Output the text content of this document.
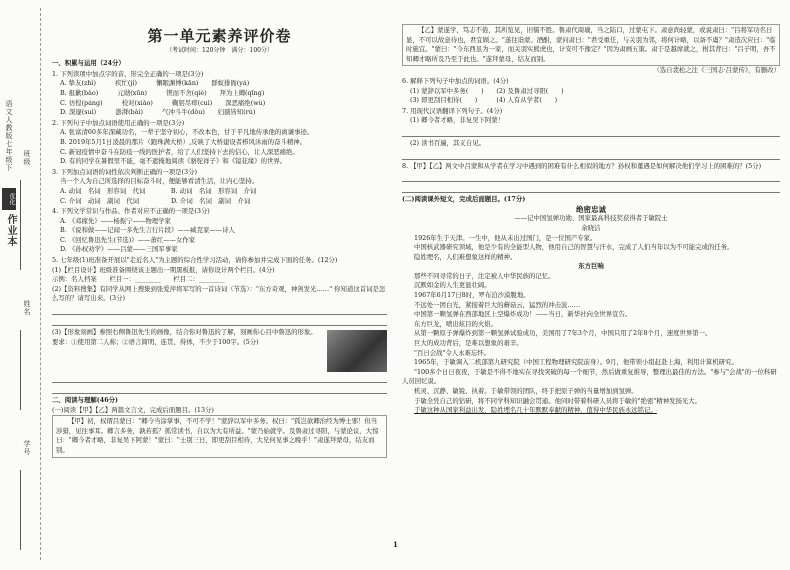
优化
作业本
语文人教版七年级下 班级
姓名
学号
第一单元素养评价卷
（考试时间：120分钟　满分：100分）
一、积累与运用（24分）
1. 下列读项中加点字的音、形完全正确的一项是(3分)
A. 挚友(zhì)　　　疾忙(jí)　　　懈眠渊博(kān)　　群蚁排衙(yá)
B. 报歉(bào)　　　元勋(xūn)　　　锲而不舍(qiè)　　拜为上卿(qīng)
C. 彷徨(páng)　　　校对(xiào)　　　鞠躬尽瘁(cuì)　　深恶痛绝(wù)
D. 深邃(suì)　　　澎湃(bài)　　　气冲斗牛(dǒu)　　妇孺皆知(rú)
2. 下列句子中加点词语使用正确的一项是(3分)
A. 张富清60多年深藏功名，一辈子坚守初心，不改本色，甘于平凡地传承他的离谦事迹。
B. 2019年5月1日凌晨的那片（跑珠满大桥）,反映了大桥建设者栉风沐雨的奋斗精神。
C. 新冠疫情中奋斗在防疫一线的医护者，给了人们坚持下去的信心，让人深恶痛绝。
D. 有的同学在暑假里不能，毫不遮掩地阅读《骆驼祥子》和《镜花缘》的世界。
3. 下列加点词语的词性依次判断正确的一项是(3分)
当一个人为自己所选择的目标奋斗时，便能够看清生活，让内心坚持。
A. 动词　名词　形容词　代词　　　　B. 动词　名词　形容词　介词
C. 介词　动词　副词　代词　　　　　D. 介词　名词　副词　介词
4. 下列文学常识与作品、作者对应不正确的一项是(3分)
A. 《邓稼先》——杨振宁——物理学家
B. 《说和做——记闻一多先生言行片段》——臧克家——诗人
C. 《回忆鲁迅先生(节选)》——萧红——女作家
D. 《孙权劝学》——吕蒙——三国军事家
5. 七年级(1)班准备开展以"走近名人"为主题的综合性学习活动，请你参加并完成下面的任务。(12分)
(1)【栏目设计】班级准备围绕该主题出一期黑板报，请你设计两个栏目。(4分)
示例：名人档案　　栏目一：________　　栏目二：________
(2)【资料搜集】有同学从网上搜集到张爱萍将军写的一首诗词（节选）："东方奇观，神剑发光……" 你知道这首词是怎么写的？请写出来。(3分)
(3)【形象刻画】参照右侧鲁迅先生的画像，结合你对鲁迅的了解，刻画你心目中鲁迅的形象。要求：①使用第二人称；②语言简明、连贯、得体，不少于100字。(5分)
二、阅读与理解(46分)
(一)阅读【甲】【乙】两篇文言文，完成后面题目。(13分)
【甲】初，权谓吕蒙曰："卿今当涂掌事，不可不学！"蒙辞以军中多务。权曰："孤岂欲卿治经为博士邪！但当涉猎，见往事耳。卿言多务，孰若孤？孤常读书，自以为大有所益。"蒙乃始就学。及鲁肃过寻阳，与蒙论议，大惊曰："卿今者才略，非复吴下阿蒙！"蒙曰："士别三日，即更刮目相待，大兄何见事之晚乎！"肃遂拜蒙母，结友而别。
【乙】蒙遂学，笃志不倦，其所览见，旧儒不胜。鲁肃代周瑜，当之陆口，过蒙屯下。肃意尚轻蒙，或说肃曰："吕将军功名日显，不可以故意待也，君宜顾之。"遂往诣蒙。酒酣，蒙问肃曰："君受重任，与关羽为邻，将何计略，以备不虞？"肃造次应曰："临时施宜。"蒙曰："今东西虽为一家，而关羽实熊虎也，计安可不豫定？"因为肃画五策。肃于是越席就之，拊其背曰："吕子明，吾不知卿才略所及乃至于此也。"遂拜蒙母，结友而别。
（选自裴松之注《三国志·吕蒙传》，有删改）
6. 解释下列句子中加点的词语。(4分)
(1) 蒙辞以军中多务(　　)　　(2) 及鲁肃过寻阳(　　)
(3) 即更刮目相待(　　)　　　(4) 人有从学者(　　)
7. 用现代汉语翻译下列句子。(4分)
(1) 卿今者才略，非复吴下阿蒙！
(2) 读书百遍，其义自见。
8. 【甲】【乙】两文中吕蒙和从学者在学习中遇到的困难有什么相似的地方？孙权和董遇是如何解决他们学习上的困难的？(5分)
(二)阅读课外短文，完成后面题目。(17分)
绝密忠诚
——记中国氢弹功勋、国家最高科技奖获得者于敏院士
余晓洁
1926年生于天津。一生中，他从未出过国门，是一位国产专家。
中国核武器研究领域，他是少有的全能型人物，他用自己的智慧与汗水，完成了人们当年以为不可能完成的任务。
隐姓埋名，人们难想象这样的精神。
东方巨响
那些不同寻常的日子，注定被人中华民族的记忆。
沉默如金的人生更显壮阔。
1967年6月17日8时，罗布泊沙漠腹地。
不远处一团白光，紧接着巨大的蘑菇云，猛烈的冲击波……
中国第一颗氢弹在西部地区上空爆炸成功！——当日，新华社向全世界宣告。
东方巨龙，喷出炫目的火焰。
从第一颗原子弹爆炸到第一颗氢弹试验成功，美国用了7年3个月，中国只用了2年8个月，速度世界第一。
巨大的成功背后，是难以想象的艰辛。
"百日会战"令人永难忘怀。
1965年，于敏调入二机部第九研究院（中国工程物理研究院前身）。9月，他带领小组赶赴上海，利用计算机研究。
"100多个日日夜夜，于敏是不得不地实在寻找突破的每一个细节，然后做重复推导，整理出最佳的方法。"参与"会战"的一位科研人员回忆说。
机灵、沉静、敏锐、执着。于敏带领的团队，终于把原子弹的当量增加到氢弹。
于敏全凭自己的钻研，将不同学科知识融会贯通。他同时带着科研人员将于敏的"绝密"精神发扬光大。
于敏这种从国家利益出发，隐姓埋名几十年默默奉献的精神，值得中华民族永远铭记。
1
